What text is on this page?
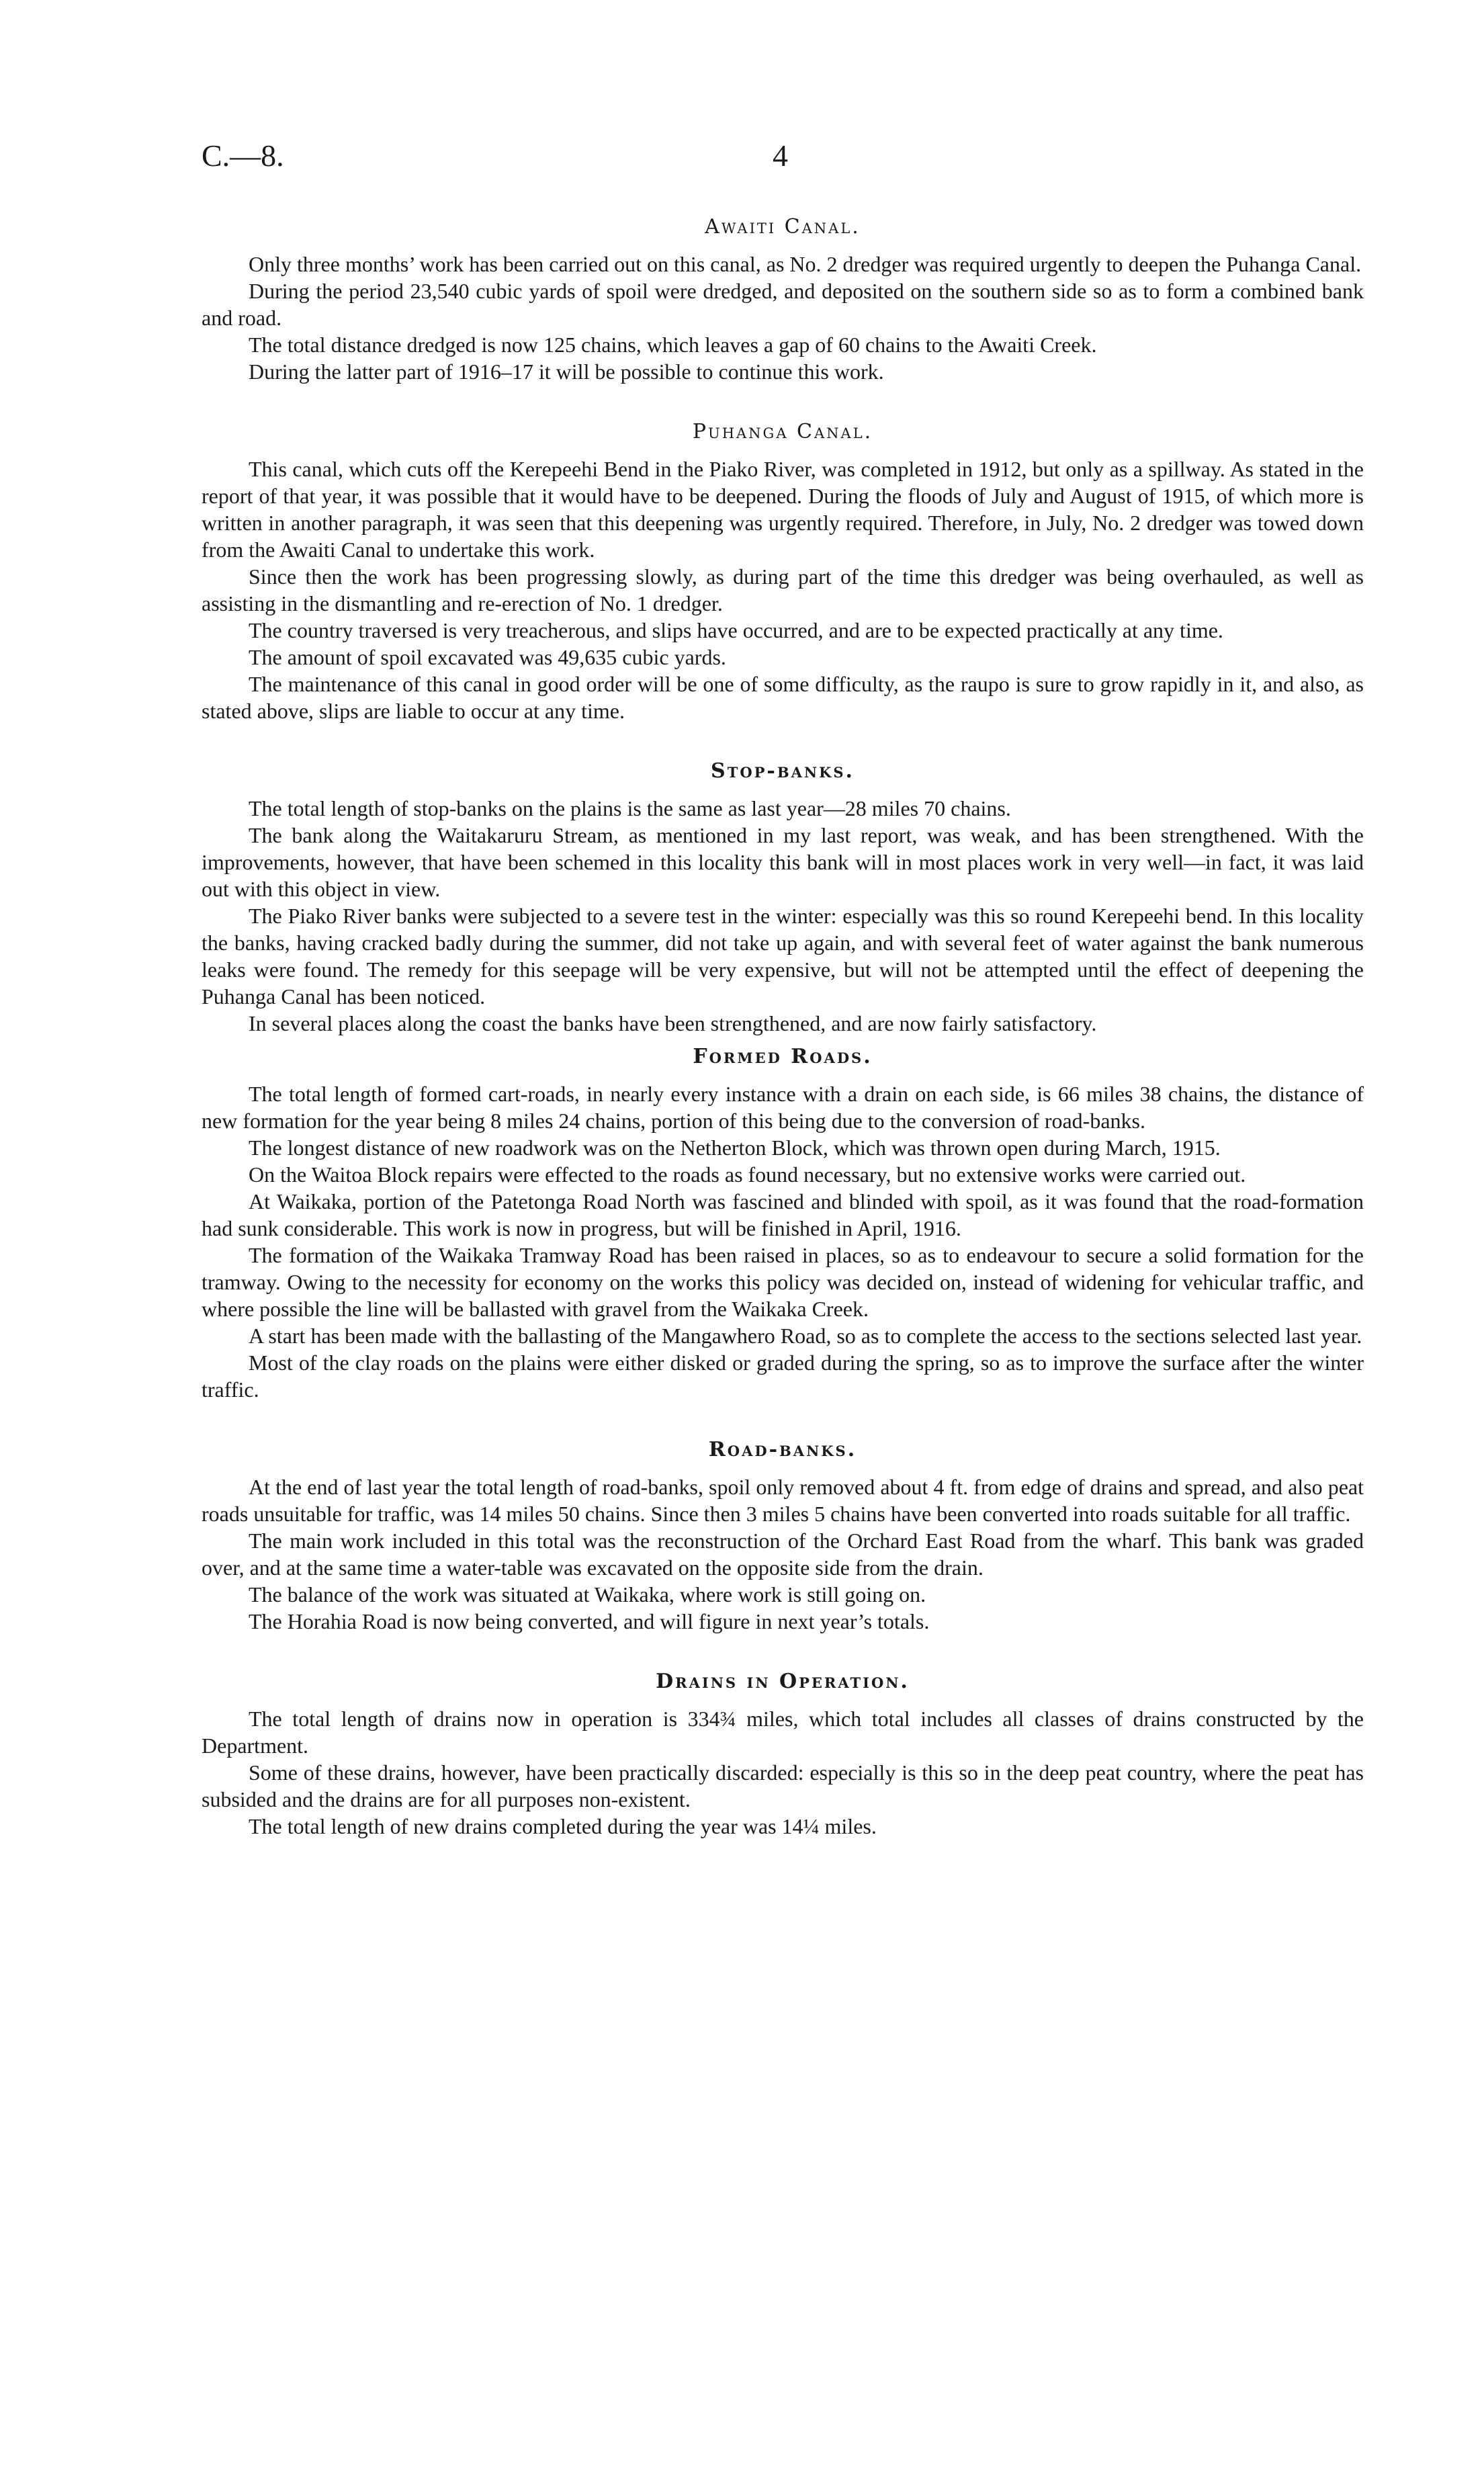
C.—8.	4
Awaiti Canal.

Only three months’ work has been carried out on this canal, as No. 2 dredger was required urgently to deepen the Puhanga Canal.

During the period 23,540 cubic yards of spoil were dredged, and deposited on the southern side so as to form a combined bank and road.

The total distance dredged is now 125 chains, which leaves a gap of 60 chains to the Awaiti Creek.

During the latter part of 1916–17 it will be possible to continue this work.

Puhanga Canal.

This canal, which cuts off the Kerepeehi Bend in the Piako River, was completed in 1912, but only as a spillway. As stated in the report of that year, it was possible that it would have to be deepened. During the floods of July and August of 1915, of which more is written in another paragraph, it was seen that this deepening was urgently required. Therefore, in July, No. 2 dredger was towed down from the Awaiti Canal to undertake this work.

Since then the work has been progressing slowly, as during part of the time this dredger was being overhauled, as well as assisting in the dismantling and re-erection of No. 1 dredger.

The country traversed is very treacherous, and slips have occurred, and are to be expected practically at any time.

The amount of spoil excavated was 49,635 cubic yards.

The maintenance of this canal in good order will be one of some difficulty, as the raupo is sure to grow rapidly in it, and also, as stated above, slips are liable to occur at any time.

Stop-banks.

The total length of stop-banks on the plains is the same as last year—28 miles 70 chains.

The bank along the Waitakaruru Stream, as mentioned in my last report, was weak, and has been strengthened. With the improvements, however, that have been schemed in this locality this bank will in most places work in very well—in fact, it was laid out with this object in view.

The Piako River banks were subjected to a severe test in the winter: especially was this so round Kerepeehi bend. In this locality the banks, having cracked badly during the summer, did not take up again, and with several feet of water against the bank numerous leaks were found. The remedy for this seepage will be very expensive, but will not be attempted until the effect of deepening the Puhanga Canal has been noticed.

In several places along the coast the banks have been strengthened, and are now fairly satisfactory.

Formed Roads.

The total length of formed cart-roads, in nearly every instance with a drain on each side, is 66 miles 38 chains, the distance of new formation for the year being 8 miles 24 chains, portion of this being due to the conversion of road-banks.

The longest distance of new roadwork was on the Netherton Block, which was thrown open during March, 1915.

On the Waitoa Block repairs were effected to the roads as found necessary, but no extensive works were carried out.

At Waikaka, portion of the Patetonga Road North was fascined and blinded with spoil, as it was found that the road-formation had sunk considerable. This work is now in progress, but will be finished in April, 1916.

The formation of the Waikaka Tramway Road has been raised in places, so as to endeavour to secure a solid formation for the tramway. Owing to the necessity for economy on the works this policy was decided on, instead of widening for vehicular traffic, and where possible the line will be ballasted with gravel from the Waikaka Creek.

A start has been made with the ballasting of the Mangawhero Road, so as to complete the access to the sections selected last year.

Most of the clay roads on the plains were either disked or graded during the spring, so as to improve the surface after the winter traffic.

Road-banks.

At the end of last year the total length of road-banks, spoil only removed about 4 ft. from edge of drains and spread, and also peat roads unsuitable for traffic, was 14 miles 50 chains. Since then 3 miles 5 chains have been converted into roads suitable for all traffic.

The main work included in this total was the reconstruction of the Orchard East Road from the wharf. This bank was graded over, and at the same time a water-table was excavated on the opposite side from the drain.

The balance of the work was situated at Waikaka, where work is still going on.

The Horahia Road is now being converted, and will figure in next year’s totals.

Drains in Operation.

The total length of drains now in operation is 334¾ miles, which total includes all classes of drains constructed by the Department.

Some of these drains, however, have been practically discarded: especially is this so in the deep peat country, where the peat has subsided and the drains are for all purposes non-existent.

The total length of new drains completed during the year was 14¼ miles.
